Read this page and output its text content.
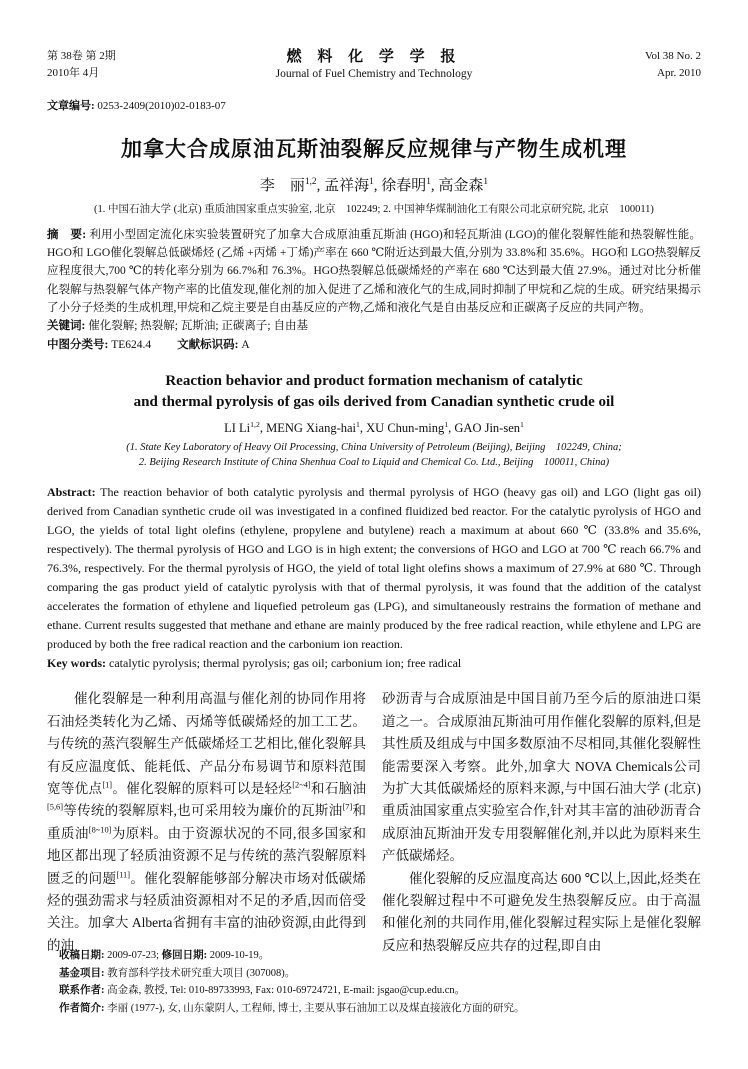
第 38卷 第 2期
2010年 4月
燃 料 化 学 学 报
Journal of Fuel Chemistry and Technology
Vol 38 No. 2
Apr. 2010
文章编号: 0253-2409(2010)02-0183-07
加拿大合成原油瓦斯油裂解反应规律与产物生成机理
李　丽$^{1,2}$, 孟祥海$^1$, 徐春明$^1$, 高金森$^1$
(1. 中国石油大学 (北京) 重质油国家重点实验室, 北京　102249; 2. 中国神华煤制油化工有限公司北京研究院, 北京　100011)
摘　要: 利用小型固定流化床实验装置研究了加拿大合成原油重瓦斯油 (HGO)和轻瓦斯油 (LGO)的催化裂解性能和热裂解性能。HGO和 LGO催化裂解总低碳烯烃 (乙烯 +丙烯 +丁烯)产率在 660 ℃附近达到最大值,分别为 33.8%和 35.6%。HGO和 LGO热裂解反应程度很大,700 ℃的转化率分别为 66.7%和 76.3%。HGO热裂解总低碳烯烃的产率在 680 ℃达到最大值 27.9%。通过对比分析催化裂解与热裂解气体产物产率的比值发现,催化剂的加入促进了乙烯和液化气的生成,同时抑制了甲烷和乙烷的生成。研究结果揭示了小分子烃类的生成机理,甲烷和乙烷主要是自由基反应的产物,乙烯和液化气是自由基反应和正碳离子反应的共同产物。
关键词: 催化裂解; 热裂解; 瓦斯油; 正碳离子; 自由基
中图分类号: TE624.4 文献标识码: A
Reaction behavior and product formation mechanism of catalytic
and thermal pyrolysis of gas oils derived from Canadian synthetic crude oil
LI Li$^{1,2}$, MENG Xiang-hai$^1$, XU Chun-ming$^1$, GAO Jin-sen$^1$
(1. State Key Laboratory of Heavy Oil Processing, China University of Petroleum (Beijing), Beijing　102249, China;
2. Beijing Research Institute of China Shenhua Coal to Liquid and Chemical Co. Ltd., Beijing　100011, China)
Abstract: The reaction behavior of both catalytic pyrolysis and thermal pyrolysis of HGO (heavy gas oil) and LGO (light gas oil) derived from Canadian synthetic crude oil was investigated in a confined fluidized bed reactor. For the catalytic pyrolysis of HGO and LGO, the yields of total light olefins (ethylene, propylene and butylene) reach a maximum at about 660 ℃ (33.8% and 35.6%, respectively). The thermal pyrolysis of HGO and LGO is in high extent; the conversions of HGO and LGO at 700 ℃ reach 66.7% and 76.3%, respectively. For the thermal pyrolysis of HGO, the yield of total light olefins shows a maximum of 27.9% at 680 ℃. Through comparing the gas product yield of catalytic pyrolysis with that of thermal pyrolysis, it was found that the addition of the catalyst accelerates the formation of ethylene and liquefied petroleum gas (LPG), and simultaneously restrains the formation of methane and ethane. Current results suggested that methane and ethane are mainly produced by the free radical reaction, while ethylene and LPG are produced by both the free radical reaction and the carbonium ion reaction.
Key words: catalytic pyrolysis; thermal pyrolysis; gas oil; carbonium ion; free radical

催化裂解是一种利用高温与催化剂的协同作用将石油烃类转化为乙烯、丙烯等低碳烯烃的加工工艺。与传统的蒸汽裂解生产低碳烯烃工艺相比,催化裂解具有反应温度低、能耗低、产品分布易调节和原料范围宽等优点[1]。催化裂解的原料可以是轻烃[2~4]和石脑油[5,6]等传统的裂解原料,也可采用较为廉价的瓦斯油[7]和重质油[8~10]为原料。由于资源状况的不同,很多国家和地区都出现了轻质油资源不足与传统的蒸汽裂解原料匮乏的问题[11]。催化裂解能够部分解决市场对低碳烯烃的强劲需求与轻质油资源相对不足的矛盾,因而倍受关注。加拿大 Alberta省拥有丰富的油砂资源,由此得到的油

砂沥青与合成原油是中国目前乃至今后的原油进口渠道之一。合成原油瓦斯油可用作催化裂解的原料,但是其性质及组成与中国多数原油不尽相同,其催化裂解性能需要深入考察。此外,加拿大 NOVA Chemicals公司为扩大其低碳烯烃的原料来源,与中国石油大学 (北京)重质油国家重点实验室合作,针对其丰富的油砂沥青合成原油瓦斯油开发专用裂解催化剂,并以此为原料来生产低碳烯烃。

催化裂解的反应温度高达 600 ℃以上,因此,烃类在催化裂解过程中不可避免发生热裂解反应。由于高温和催化剂的共同作用,催化裂解过程实际上是催化裂解反应和热裂解反应共存的过程,即自由

收稿日期: 2009-07-23; 修回日期: 2009-10-19。
基金项目: 教育部科学技术研究重大项目 (307008)。
联系作者: 高金森, 教授, Tel: 010-89733993, Fax: 010-69724721, E-mail: jsgao@cup.edu.cn。
作者简介: 李丽 (1977-), 女, 山东蒙阴人, 工程师, 博士, 主要从事石油加工以及煤直接液化方面的研究。
